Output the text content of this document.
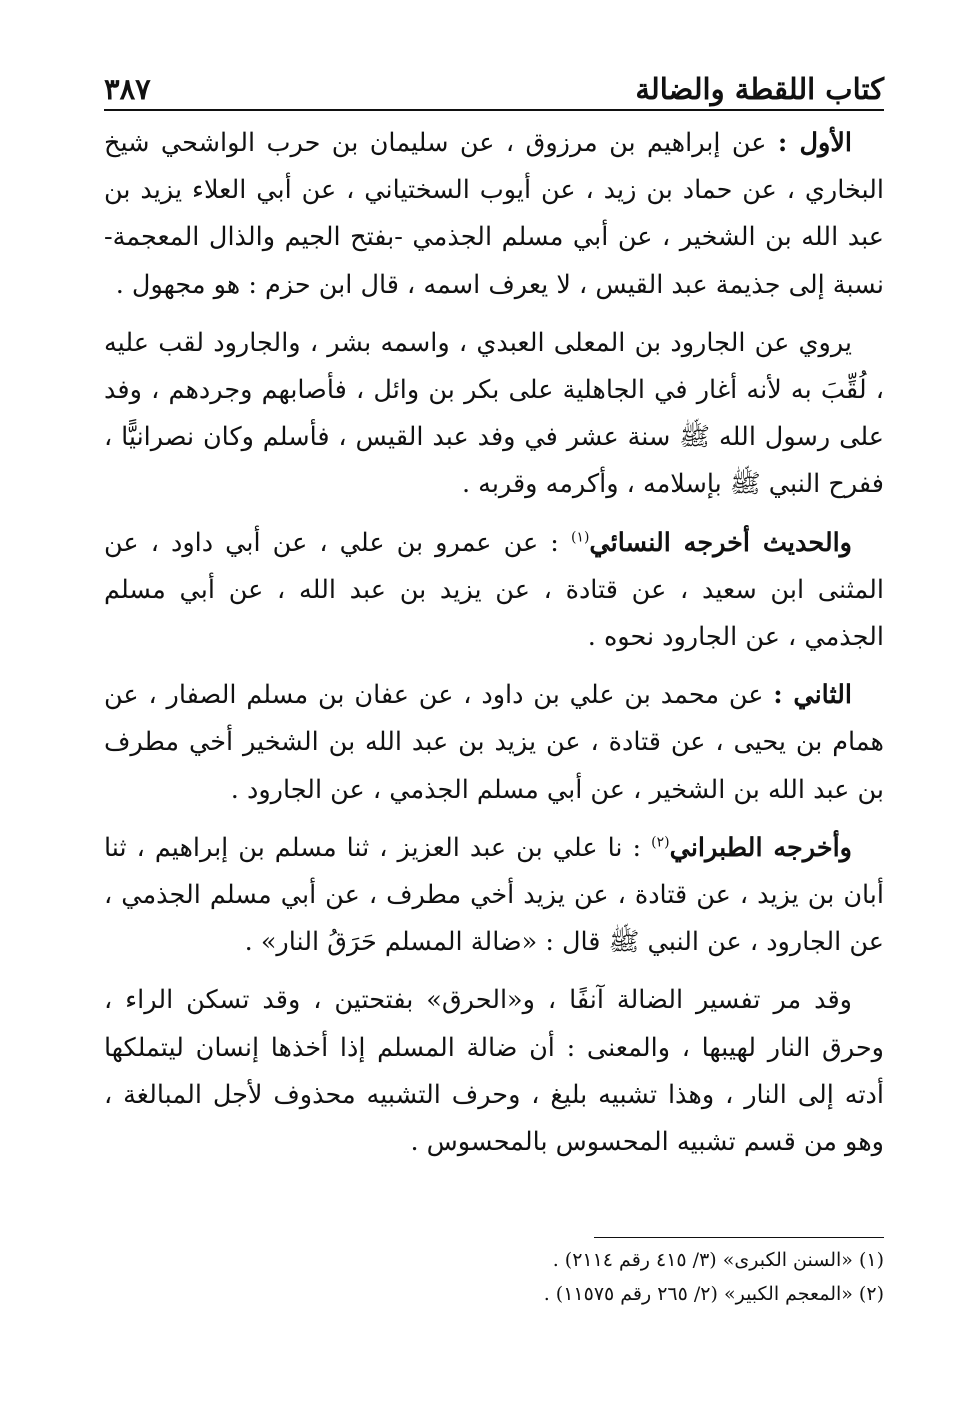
٣٨٧	كتاب اللقطة والضالة

الأول : عن إبراهيم بن مرزوق ، عن سليمان بن حرب الواشحي شيخ البخاري ، عن حماد بن زيد ، عن أيوب السختياني ، عن أبي العلاء يزيد بن عبد الله بن الشخير ، عن أبي مسلم الجذمي -بفتح الجيم والذال المعجمة- نسبة إلى جذيمة عبد القيس ، لا يعرف اسمه ، قال ابن حزم : هو مجهول .

يروي عن الجارود بن المعلى العبدي ، واسمه بشر ، والجارود لقب عليه ، لُقِّبَ به لأنه أغار في الجاهلية على بكر بن وائل ، فأصابهم وجردهم ، وفد على رسول الله ﷺ سنة عشر في وفد عبد القيس ، فأسلم وكان نصرانيًّا ، ففرح النبي ﷺ بإسلامه ، وأكرمه وقربه .

والحديث أخرجه النسائي$^{(١)}$ : عن عمرو بن علي ، عن أبي داود ، عن المثنى ابن سعيد ، عن قتادة ، عن يزيد بن عبد الله ، عن أبي مسلم الجذمي ، عن الجارود نحوه .

الثاني : عن محمد بن علي بن داود ، عن عفان بن مسلم الصفار ، عن همام بن يحيى ، عن قتادة ، عن يزيد بن عبد الله بن الشخير أخي مطرف بن عبد الله بن الشخير ، عن أبي مسلم الجذمي ، عن الجارود .

وأخرجه الطبراني$^{(٢)}$ : نا علي بن عبد العزيز ، ثنا مسلم بن إبراهيم ، ثنا أبان بن يزيد ، عن قتادة ، عن يزيد أخي مطرف ، عن أبي مسلم الجذمي ، عن الجارود ، عن النبي ﷺ قال : «ضالة المسلم حَرَقُ النار» .

وقد مر تفسير الضالة آنفًا ، و«الحرق» بفتحتين ، وقد تسكن الراء ، وحرق النار لهيبها ، والمعنى : أن ضالة المسلم إذا أخذها إنسان ليتملكها أدته إلى النار ، وهذا تشبيه بليغ ، وحرف التشبيه محذوف لأجل المبالغة ، وهو من قسم تشبيه المحسوس بالمحسوس .

(١) «السنن الكبرى» (٣/ ٤١٥ رقم ٢١١٤) .

(٢) «المعجم الكبير» (٢/ ٢٦٥ رقم ١١٥٧٥) .
